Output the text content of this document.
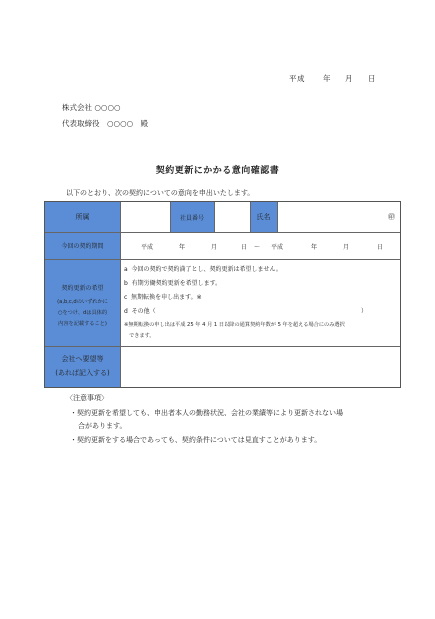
平成 年 月 日
株式会社 ○○○○
代表取締役　○○○○　殿
契約更新にかかる意向確認書
以下のとおり、次の契約についての意向を申出いたします。
所属	社員番号	氏名	㊞
今回の契約期間	平成	年	月	日 〜 平成	年	月	日
契約更新の希望
(a,b,c,dのいずれかに
○をつけ、dは具体的
内容を記載すること)
a 今回の契約で契約満了とし、契約更新は希望しません。
b 有期労働契約更新を希望します。
c 無期転換を申し出ます。※
d その他（	）
※無期転換の申し出は平成 25 年 4 月 1 日以降の通算契約年数が 5 年を超える場合にのみ選択
できます。
会社へ要望等
(あれば記入する)
〈注意事項〉
・契約更新を希望しても、申出者本人の勤務状況、会社の業績等により更新されない場
合があります。
・契約更新をする場合であっても、契約条件については見直すことがあります。
